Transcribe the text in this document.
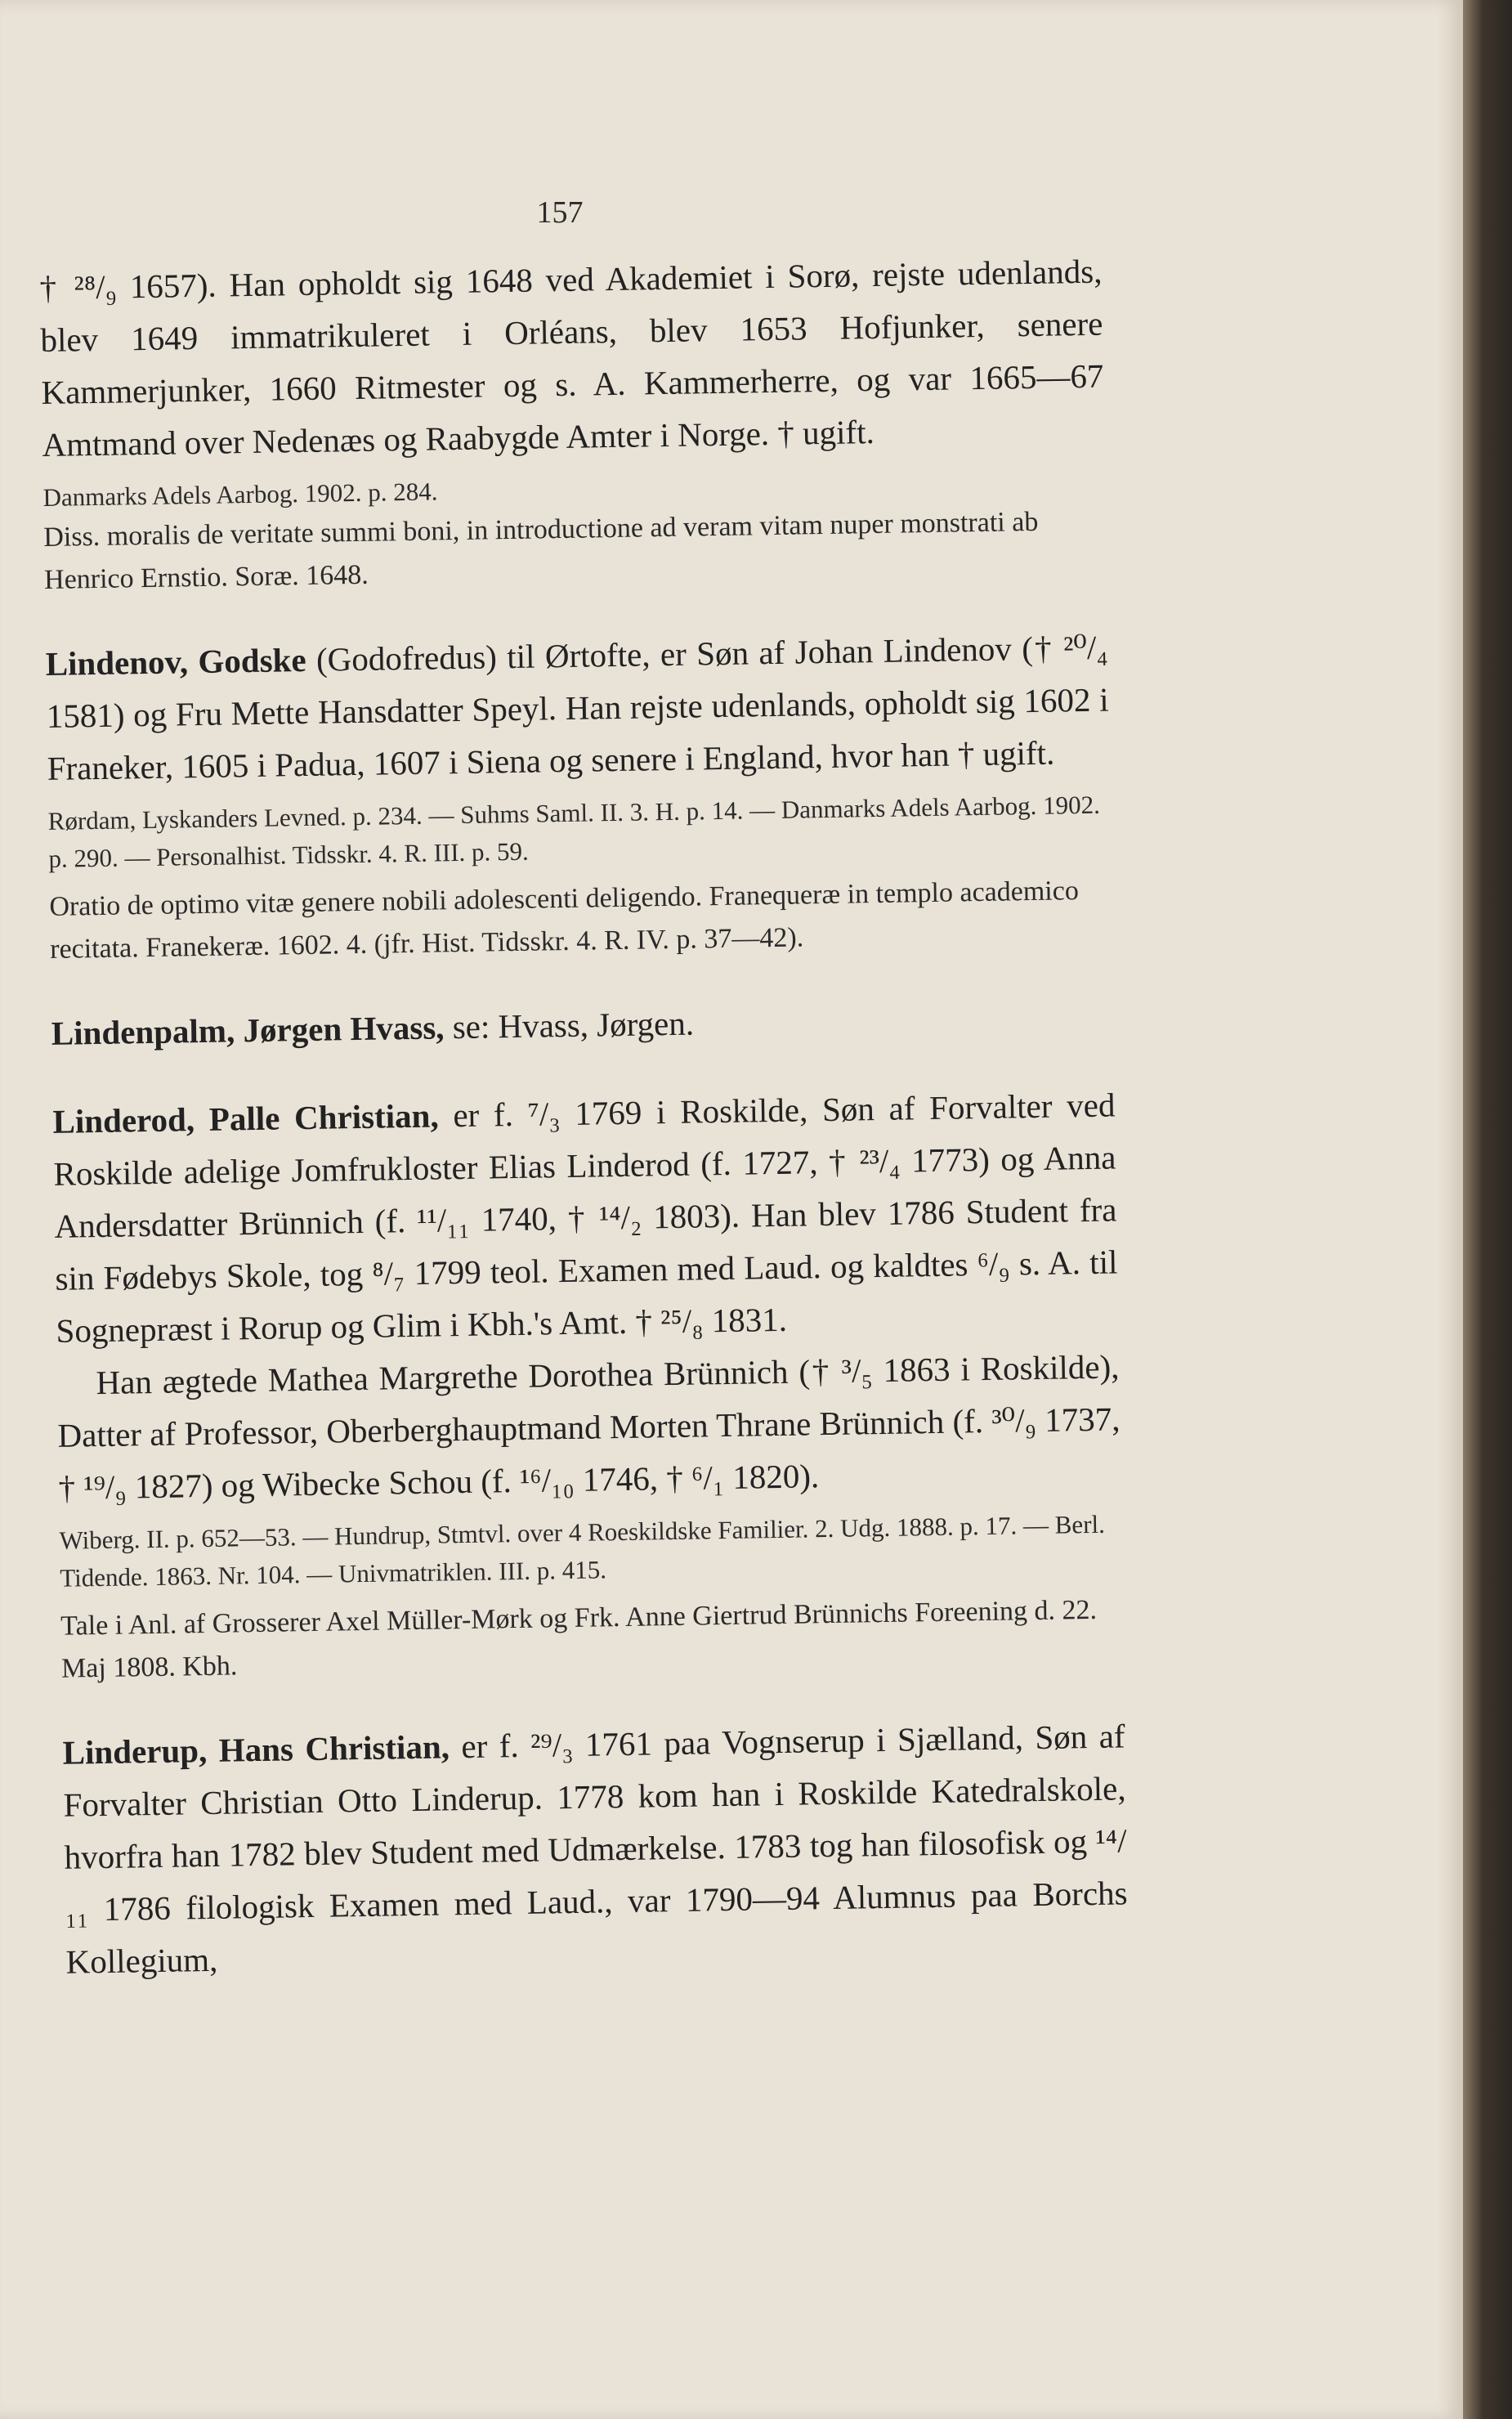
157

† ²⁸/₉ 1657). Han opholdt sig 1648 ved Akademiet i Sorø, rejste udenlands, blev 1649 immatrikuleret i Orléans, blev 1653 Hofjunker, senere Kammerjunker, 1660 Ritmester og s. A. Kammerherre, og var 1665—67 Amtmand over Nedenæs og Raabygde Amter i Norge. † ugift.

Danmarks Adels Aarbog. 1902. p. 284.

Diss. moralis de veritate summi boni, in introductione ad veram vitam nuper monstrati ab Henrico Ernstio. Soræ. 1648.

Lindenov, Godske (Godofredus) til Ørtofte, er Søn af Johan Lindenov († ²⁰/₄ 1581) og Fru Mette Hansdatter Speyl. Han rejste udenlands, opholdt sig 1602 i Franeker, 1605 i Padua, 1607 i Siena og senere i England, hvor han † ugift.

Rørdam, Lyskanders Levned. p. 234. — Suhms Saml. II. 3. H. p. 14. — Danmarks Adels Aarbog. 1902. p. 290. — Personalhist. Tidsskr. 4. R. III. p. 59.

Oratio de optimo vitæ genere nobili adolescenti deligendo. Franequeræ in templo academico recitata. Franekeræ. 1602. 4. (jfr. Hist. Tidsskr. 4. R. IV. p. 37—42).

Lindenpalm, Jørgen Hvass, se: Hvass, Jørgen.

Linderod, Palle Christian, er f. ⁷/₃ 1769 i Roskilde, Søn af Forvalter ved Roskilde adelige Jomfrukloster Elias Linderod (f. 1727, † ²³/₄ 1773) og Anna Andersdatter Brünnich (f. ¹¹/₁₁ 1740, † ¹⁴/₂ 1803). Han blev 1786 Student fra sin Fødebys Skole, tog ⁸/₇ 1799 teol. Examen med Laud. og kaldtes ⁶/₉ s. A. til Sognepræst i Rorup og Glim i Kbh.'s Amt. † ²⁵/₈ 1831.

Han ægtede Mathea Margrethe Dorothea Brünnich († ³/₅ 1863 i Roskilde), Datter af Professor, Oberberghauptmand Morten Thrane Brünnich (f. ³⁰/₉ 1737, † ¹⁹/₉ 1827) og Wibecke Schou (f. ¹⁶/₁₀ 1746, † ⁶/₁ 1820).

Wiberg. II. p. 652—53. — Hundrup, Stmtvl. over 4 Roeskildske Familier. 2. Udg. 1888. p. 17. — Berl. Tidende. 1863. Nr. 104. — Univmatriklen. III. p. 415.

Tale i Anl. af Grosserer Axel Müller-Mørk og Frk. Anne Giertrud Brünnichs Foreening d. 22. Maj 1808. Kbh.

Linderup, Hans Christian, er f. ²⁹/₃ 1761 paa Vognserup i Sjælland, Søn af Forvalter Christian Otto Linderup. 1778 kom han i Roskilde Katedralskole, hvorfra han 1782 blev Student med Udmærkelse. 1783 tog han filosofisk og ¹⁴/₁₁ 1786 filologisk Examen med Laud., var 1790—94 Alumnus paa Borchs Kollegium,
